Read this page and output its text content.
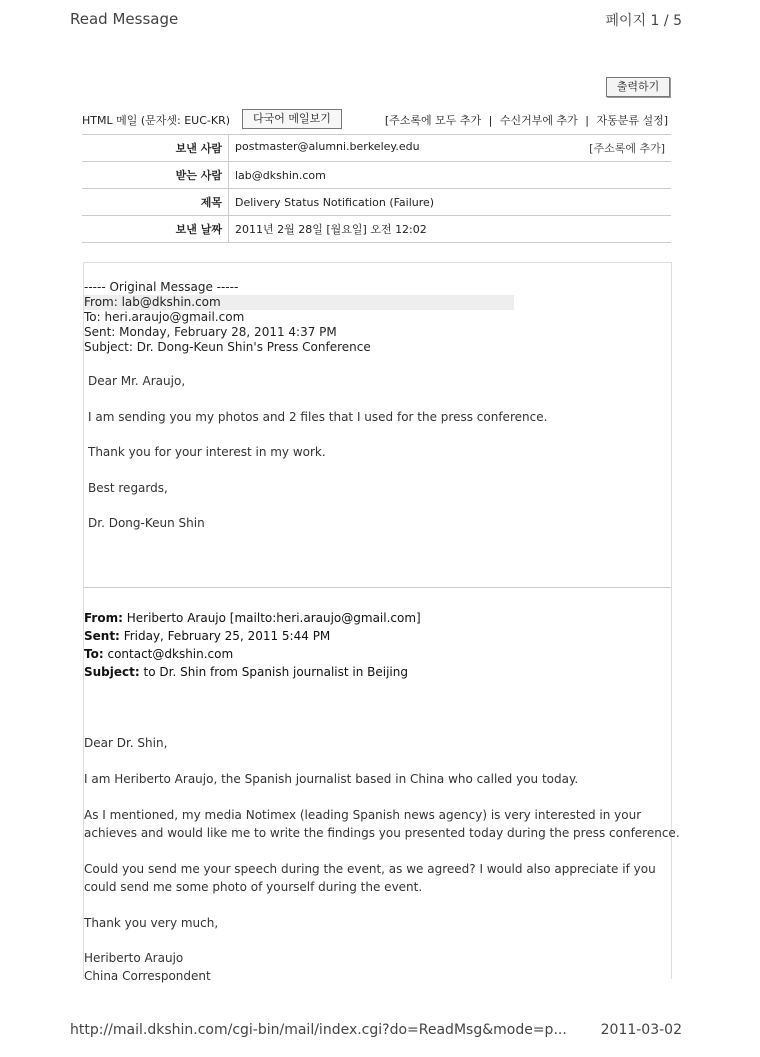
Read Message	페이지 1 / 5
출력하기
HTML 메일 (문자셋: EUC-KR)	다국어 메일보기	[주소록에 모두 추가 | 수신거부에 추가 | 자동분류 설정]
보낸 사람	postmaster@alumni.berkeley.edu [주소록에 추가]

받는 사람	lab@dkshin.com
제목	Delivery Status Notification (Failure)
보낸 날짜	2011년 2월 28일 [월요일] 오전 12:02
----- Original Message -----
From: lab@dkshin.com
To: heri.araujo@gmail.com
Sent: Monday, February 28, 2011 4:37 PM
Subject: Dr. Dong-Keun Shin's Press Conference
Dear Mr. Araujo,
I am sending you my photos and 2 files that I used for the press conference.
Thank you for your interest in my work.
Best regards,
Dr. Dong-Keun Shin
From: Heriberto Araujo [mailto:heri.araujo@gmail.com]
Sent: Friday, February 25, 2011 5:44 PM
To: contact@dkshin.com
Subject: to Dr. Shin from Spanish journalist in Beijing
Dear Dr. Shin,
I am Heriberto Araujo, the Spanish journalist based in China who called you today.
As I mentioned, my media Notimex (leading Spanish news agency) is very interested in your
achieves and would like me to write the findings you presented today during the press conference.
Could you send me your speech during the event, as we agreed? I would also appreciate if you
could send me some photo of yourself during the event.
Thank you very much,
Heriberto Araujo
China Correspondent
http://mail.dkshin.com/cgi-bin/mail/index.cgi?do=ReadMsg&mode=p... 2011-03-02
